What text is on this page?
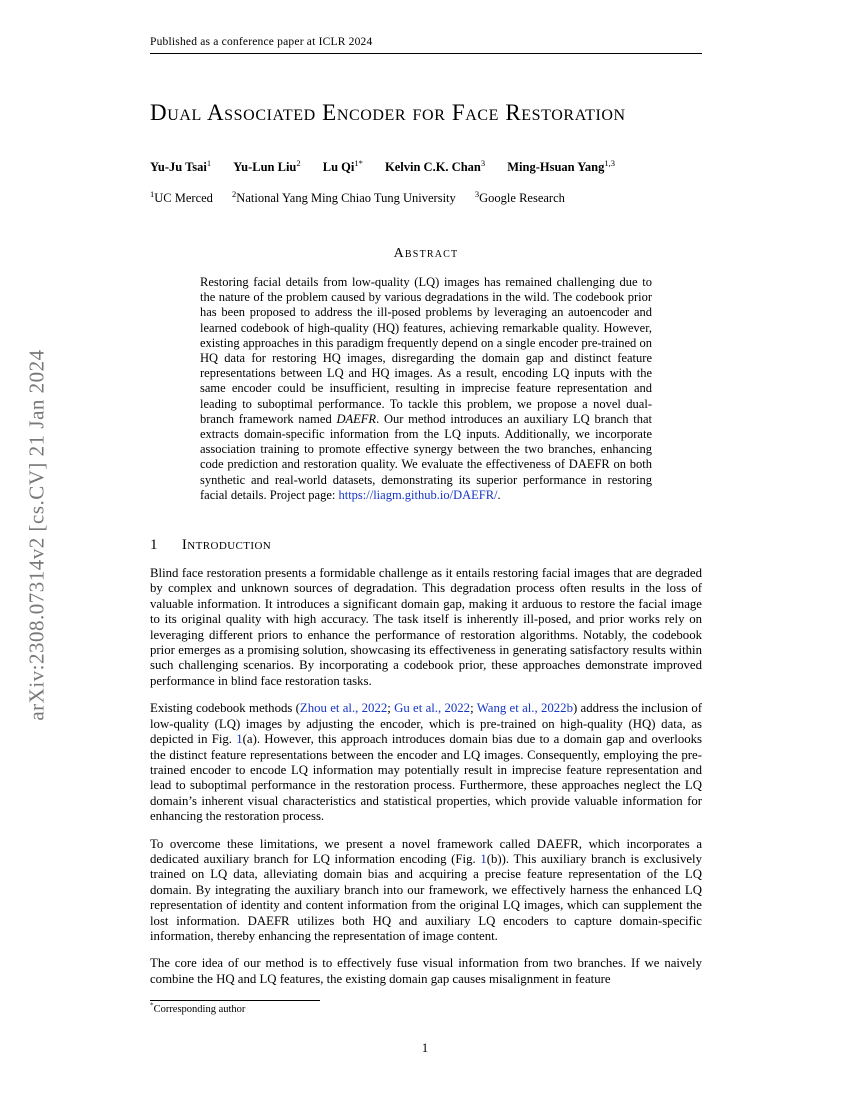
arXiv:2308.07314v2 [cs.CV] 21 Jan 2024
Published as a conference paper at ICLR 2024
Dual Associated Encoder for Face Restoration
Yu-Ju Tsai$^1$ Yu-Lun Liu$^2$ Lu $Qi^{1*}$ Kelvin C.K. Chan$^3$ Ming-Hsuan Yang$^{1,3}$
$^1$UC Merced $^2$National Yang Ming Chiao Tung University $^3$Google Research
Abstract
Restoring facial details from low-quality (LQ) images has remained challenging due to the nature of the problem caused by various degradations in the wild. The codebook prior has been proposed to address the ill-posed problems by leveraging an autoencoder and learned codebook of high-quality (HQ) features, achieving remarkable quality. However, existing approaches in this paradigm frequently depend on a single encoder pre-trained on HQ data for restoring HQ images, disregarding the domain gap and distinct feature representations between LQ and HQ images. As a result, encoding LQ inputs with the same encoder could be insufficient, resulting in imprecise feature representation and leading to suboptimal performance. To tackle this problem, we propose a novel dual-branch framework named DAEFR. Our method introduces an auxiliary LQ branch that extracts domain-specific information from the LQ inputs. Additionally, we incorporate association training to promote effective synergy between the two branches, enhancing code prediction and restoration quality. We evaluate the effectiveness of DAEFR on both synthetic and real-world datasets, demonstrating its superior performance in restoring facial details. Project page: https://liagm.github.io/DAEFR/.
1 Introduction

Blind face restoration presents a formidable challenge as it entails restoring facial images that are degraded by complex and unknown sources of degradation. This degradation process often results in the loss of valuable information. It introduces a significant domain gap, making it arduous to restore the facial image to its original quality with high accuracy. The task itself is inherently ill-posed, and prior works rely on leveraging different priors to enhance the performance of restoration algorithms. Notably, the codebook prior emerges as a promising solution, showcasing its effectiveness in generating satisfactory results within such challenging scenarios. By incorporating a codebook prior, these approaches demonstrate improved performance in blind face restoration tasks.

Existing codebook methods (Zhou et al., 2022; Gu et al., 2022; Wang et al., 2022b) address the inclusion of low-quality (LQ) images by adjusting the encoder, which is pre-trained on high-quality (HQ) data, as depicted in Fig. 1(a). However, this approach introduces domain bias due to a domain gap and overlooks the distinct feature representations between the encoder and LQ images. Consequently, employing the pre-trained encoder to encode LQ information may potentially result in imprecise feature representation and lead to suboptimal performance in the restoration process. Furthermore, these approaches neglect the LQ domain’s inherent visual characteristics and statistical properties, which provide valuable information for enhancing the restoration process.

To overcome these limitations, we present a novel framework called DAEFR, which incorporates a dedicated auxiliary branch for LQ information encoding (Fig. 1(b)). This auxiliary branch is exclusively trained on LQ data, alleviating domain bias and acquiring a precise feature representation of the LQ domain. By integrating the auxiliary branch into our framework, we effectively harness the enhanced LQ representation of identity and content information from the original LQ images, which can supplement the lost information. DAEFR utilizes both HQ and auxiliary LQ encoders to capture domain-specific information, thereby enhancing the representation of image content.

The core idea of our method is to effectively fuse visual information from two branches. If we naively combine the HQ and LQ features, the existing domain gap causes misalignment in feature

*Corresponding author
1
